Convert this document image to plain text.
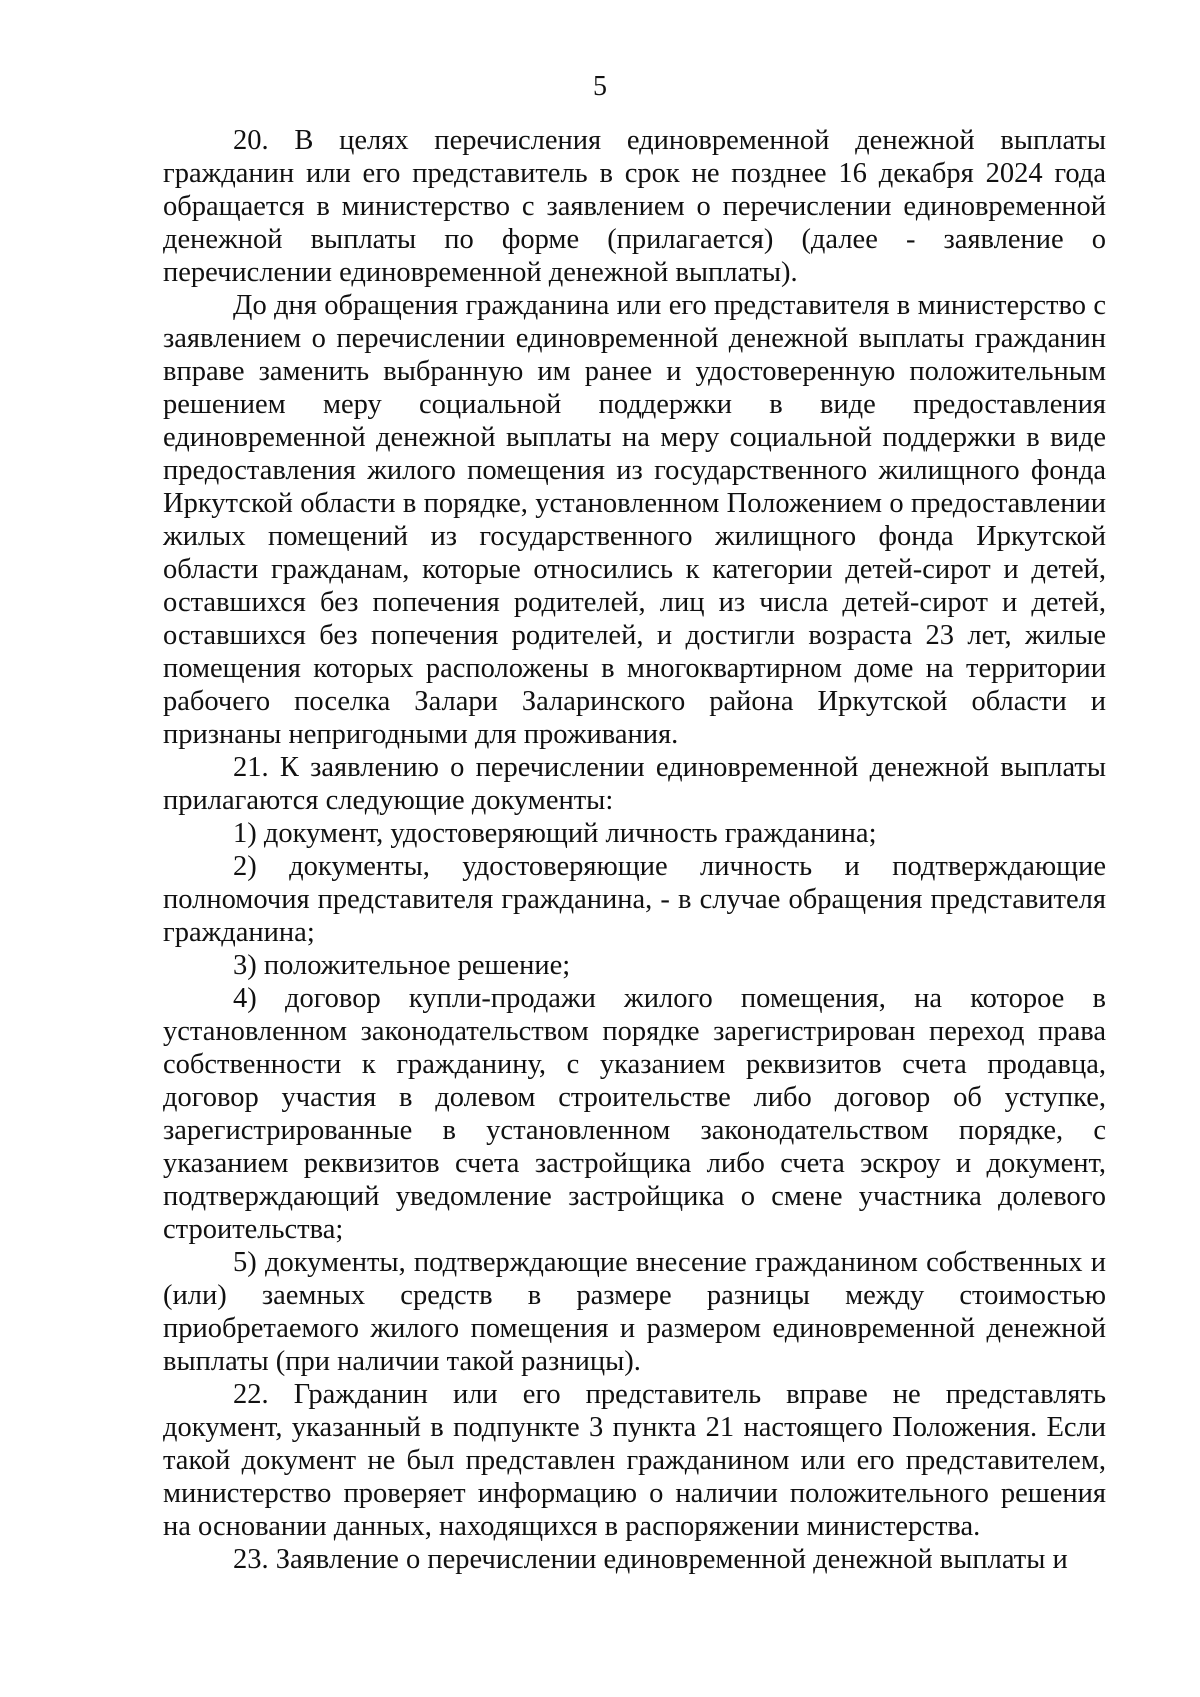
5

20. В целях перечисления единовременной денежной выплаты гражданин или его представитель в срок не позднее 16 декабря 2024 года обращается в министерство с заявлением о перечислении единовременной денежной выплаты по форме (прилагается) (далее - заявление о перечислении единовременной денежной выплаты).

До дня обращения гражданина или его представителя в министерство с заявлением о перечислении единовременной денежной выплаты гражданин вправе заменить выбранную им ранее и удостоверенную положительным решением меру социальной поддержки в виде предоставления единовременной денежной выплаты на меру социальной поддержки в виде предоставления жилого помещения из государственного жилищного фонда Иркутской области в порядке, установленном Положением о предоставлении жилых помещений из государственного жилищного фонда Иркутской области гражданам, которые относились к категории детей-сирот и детей, оставшихся без попечения родителей, лиц из числа детей-сирот и детей, оставшихся без попечения родителей, и достигли возраста 23 лет, жилые помещения которых расположены в многоквартирном доме на территории рабочего поселка Залари Заларинского района Иркутской области и признаны непригодными для проживания.

21. К заявлению о перечислении единовременной денежной выплаты прилагаются следующие документы:

1) документ, удостоверяющий личность гражданина;

2) документы, удостоверяющие личность и подтверждающие полномочия представителя гражданина, - в случае обращения представителя гражданина;

3) положительное решение;

4) договор купли-продажи жилого помещения, на которое в установленном законодательством порядке зарегистрирован переход права собственности к гражданину, с указанием реквизитов счета продавца, договор участия в долевом строительстве либо договор об уступке, зарегистрированные в установленном законодательством порядке, с указанием реквизитов счета застройщика либо счета эскроу и документ, подтверждающий уведомление застройщика о смене участника долевого строительства;

5) документы, подтверждающие внесение гражданином собственных и (или) заемных средств в размере разницы между стоимостью приобретаемого жилого помещения и размером единовременной денежной выплаты (при наличии такой разницы).

22. Гражданин или его представитель вправе не представлять документ, указанный в подпункте 3 пункта 21 настоящего Положения. Если такой документ не был представлен гражданином или его представителем, министерство проверяет информацию о наличии положительного решения на основании данных, находящихся в распоряжении министерства.

23. Заявление о перечислении единовременной денежной выплаты и
